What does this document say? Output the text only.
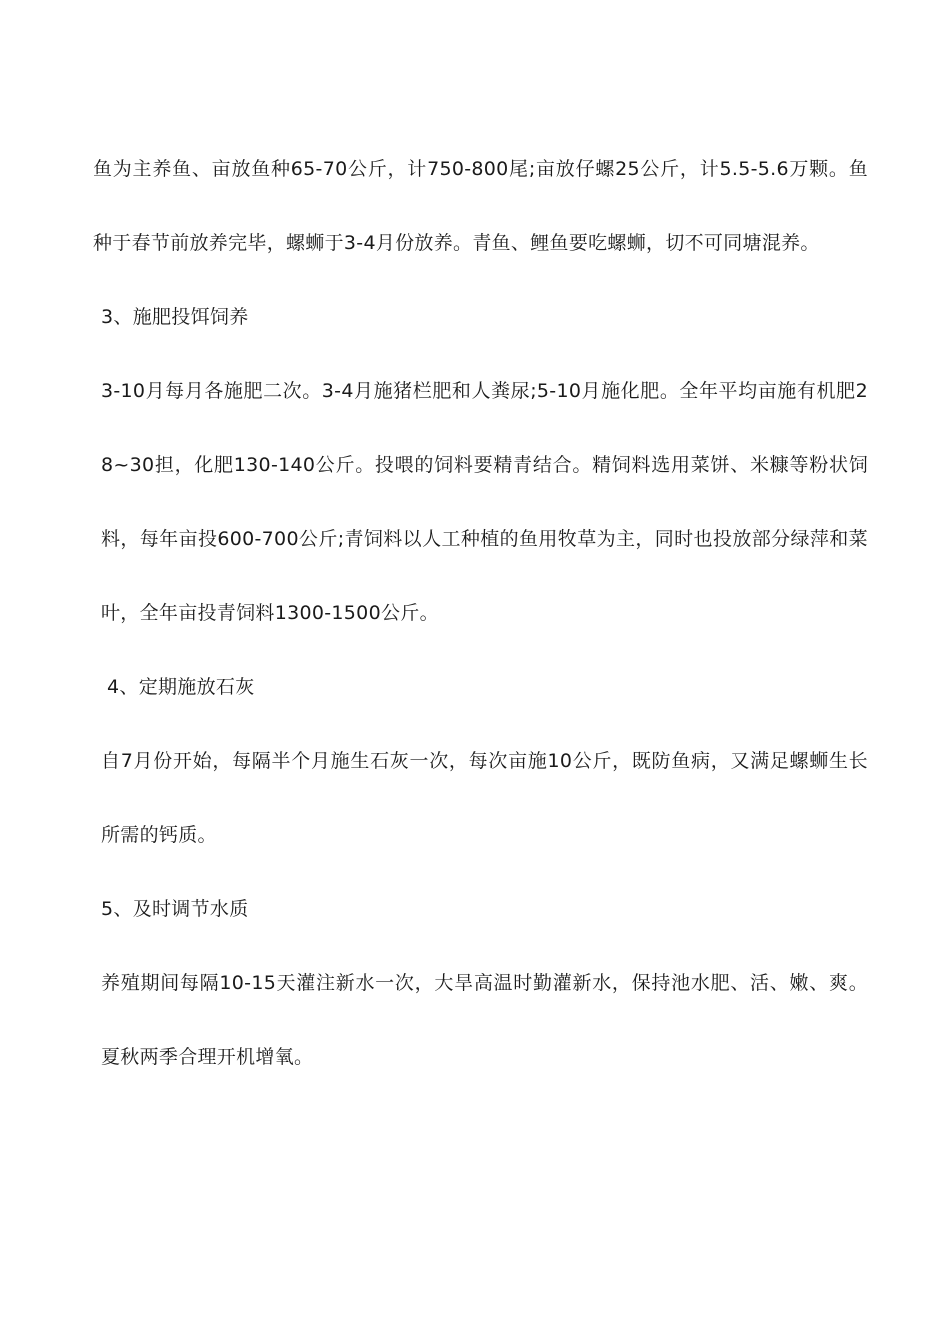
鱼为主养鱼、亩放鱼种65-70公斤，计750-800尾;亩放仔螺25公斤，计5.5-5.6万颗。鱼种于春节前放养完毕，螺蛳于3-4月份放养。青鱼、鲤鱼要吃螺蛳，切不可同塘混养。

3、施肥投饵饲养

3-10月每月各施肥二次。3-4月施猪栏肥和人粪尿;5-10月施化肥。全年平均亩施有机肥28~30担，化肥130-140公斤。投喂的饲料要精青结合。精饲料选用菜饼、米糠等粉状饲料，每年亩投600-700公斤;青饲料以人工种植的鱼用牧草为主，同时也投放部分绿萍和菜叶，全年亩投青饲料1300-1500公斤。

4、定期施放石灰

自7月份开始，每隔半个月施生石灰一次，每次亩施10公斤，既防鱼病，又满足螺蛳生长所需的钙质。

5、及时调节水质

养殖期间每隔10-15天灌注新水一次，大旱高温时勤灌新水，保持池水肥、活、嫩、爽。夏秋两季合理开机增氧。
